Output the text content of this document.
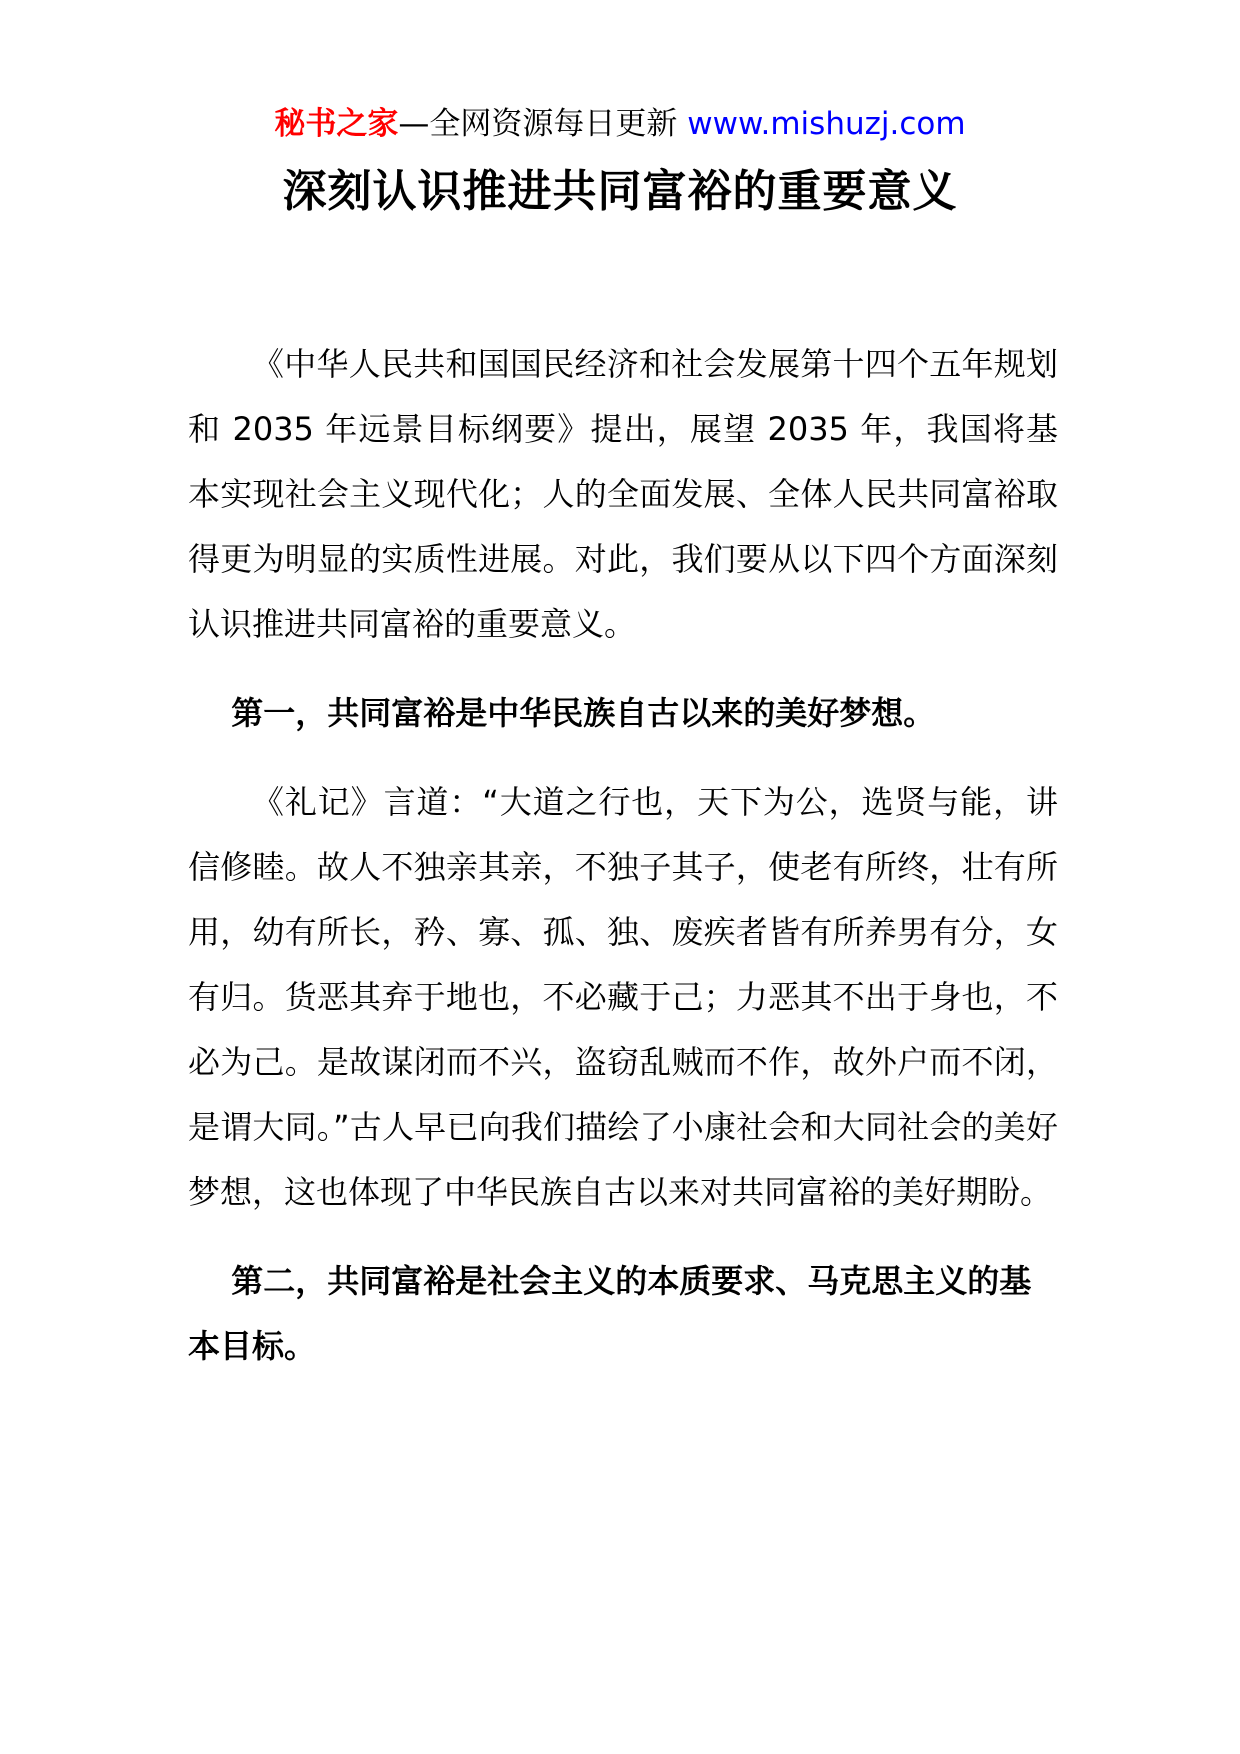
秘书之家—全网资源每日更新 www.mishuzj.com
深刻认识推进共同富裕的重要意义

《中华人民共和国国民经济和社会发展第十四个五年规划和 2035 年远景目标纲要》提出，展望 2035 年，我国将基本实现社会主义现代化；人的全面发展、全体人民共同富裕取得更为明显的实质性进展。对此，我们要从以下四个方面深刻认识推进共同富裕的重要意义。

第一，共同富裕是中华民族自古以来的美好梦想。

《礼记》言道：“大道之行也，天下为公，选贤与能，讲信修睦。故人不独亲其亲，不独子其子，使老有所终，壮有所用，幼有所长，矜、寡、孤、独、废疾者皆有所养男有分，女有归。货恶其弃于地也，不必藏于己；力恶其不出于身也，不必为己。是故谋闭而不兴，盗窃乱贼而不作，故外户而不闭，是谓大同。”古人早已向我们描绘了小康社会和大同社会的美好梦想，这也体现了中华民族自古以来对共同富裕的美好期盼。

第二，共同富裕是社会主义的本质要求、马克思主义的基本目标。
